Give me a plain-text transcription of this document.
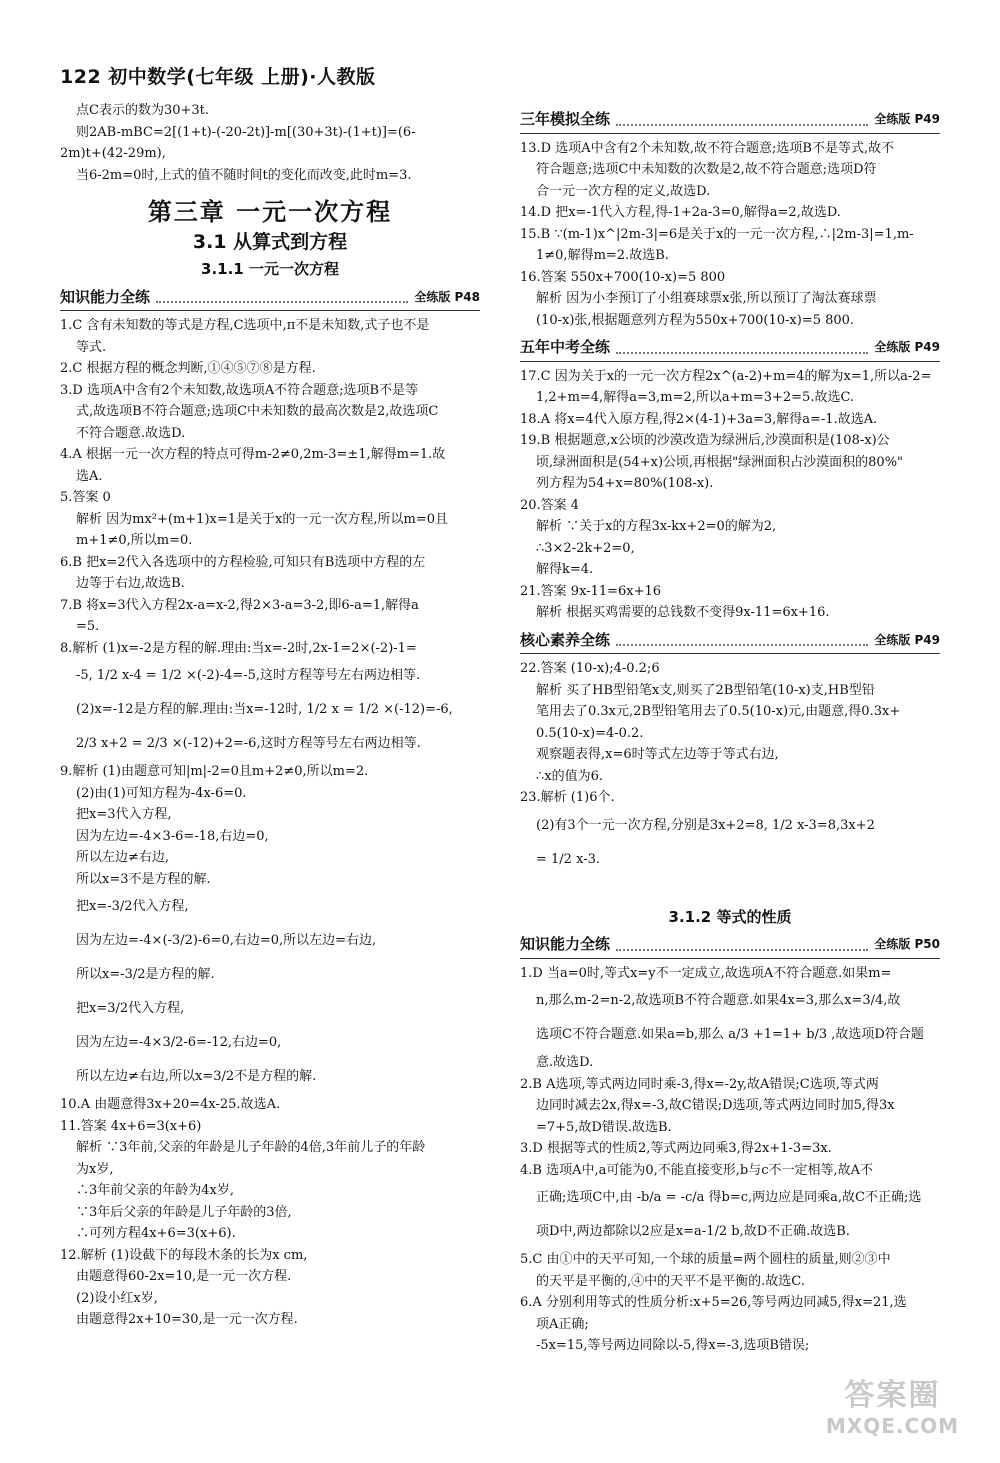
122 初中数学(七年级 上册)·人教版
点C表示的数为30+3t.
则2AB-mBC=2[(1+t)-(-20-2t)]-m[(30+3t)-(1+t)]=(6-
2m)t+(42-29m),
当6-2m=0时,上式的值不随时间t的变化而改变,此时m=3.
第三章 一元一次方程
3.1 从算式到方程
3.1.1 一元一次方程
知识能力全练	全练版 P48
1.C 含有未知数的等式是方程,C选项中,π不是未知数,式子也不是
等式.
2.C 根据方程的概念判断,①④⑤⑦⑧是方程.
3.D 选项A中含有2个未知数,故选项A不符合题意;选项B不是等
式,故选项B不符合题意;选项C中未知数的最高次数是2,故选项C
不符合题意.故选D.
4.A 根据一元一次方程的特点可得m-2≠0,2m-3=±1,解得m=1.故
选A.
5.答案 0
解析 因为mx²+(m+1)x=1是关于x的一元一次方程,所以m=0且
m+1≠0,所以m=0.
6.B 把x=2代入各选项中的方程检验,可知只有B选项中方程的左
边等于右边,故选B.
7.B 将x=3代入方程2x-a=x-2,得2×3-a=3-2,即6-a=1,解得a
=5.
8.解析 (1)x=-2是方程的解.理由:当x=-2时,2x-1=2×(-2)-1=
-5, 1/2 x-4 = 1/2 ×(-2)-4=-5,这时方程等号左右两边相等.
(2)x=-12是方程的解.理由:当x=-12时, 1/2 x = 1/2 ×(-12)=-6,
2/3 x+2 = 2/3 ×(-12)+2=-6,这时方程等号左右两边相等.
9.解析 (1)由题意可知|m|-2=0且m+2≠0,所以m=2.
(2)由(1)可知方程为-4x-6=0.
把x=3代入方程,
因为左边=-4×3-6=-18,右边=0,
所以左边≠右边,
所以x=3不是方程的解.
把x=-3/2代入方程,
因为左边=-4×(-3/2)-6=0,右边=0,所以左边=右边,
所以x=-3/2是方程的解.
把x=3/2代入方程,
因为左边=-4×3/2-6=-12,右边=0,
所以左边≠右边,所以x=3/2不是方程的解.
10.A 由题意得3x+20=4x-25.故选A.
11.答案 4x+6=3(x+6)
解析 ∵3年前,父亲的年龄是儿子年龄的4倍,3年前儿子的年龄
为x岁,
∴3年前父亲的年龄为4x岁,
∵3年后父亲的年龄是儿子年龄的3倍,
∴可列方程4x+6=3(x+6).
12.解析 (1)设截下的每段木条的长为x cm,
由题意得60-2x=10,是一元一次方程.
(2)设小红x岁,
由题意得2x+10=30,是一元一次方程.
三年模拟全练	全练版 P49
13.D 选项A中含有2个未知数,故不符合题意;选项B不是等式,故不
符合题意;选项C中未知数的次数是2,故不符合题意;选项D符
合一元一次方程的定义,故选D.
14.D 把x=-1代入方程,得-1+2a-3=0,解得a=2,故选D.
15.B ∵(m-1)x^|2m-3|=6是关于x的一元一次方程,∴|2m-3|=1,m-
1≠0,解得m=2.故选B.
16.答案 550x+700(10-x)=5 800
解析 因为小李预订了小组赛球票x张,所以预订了淘汰赛球票
(10-x)张,根据题意列方程为550x+700(10-x)=5 800.
五年中考全练	全练版 P49
17.C 因为关于x的一元一次方程2x^(a-2)+m=4的解为x=1,所以a-2=
1,2+m=4,解得a=3,m=2,所以a+m=3+2=5.故选C.
18.A 将x=4代入原方程,得2×(4-1)+3a=3,解得a=-1.故选A.
19.B 根据题意,x公顷的沙漠改造为绿洲后,沙漠面积是(108-x)公
顷,绿洲面积是(54+x)公顷,再根据"绿洲面积占沙漠面积的80%"
列方程为54+x=80%(108-x).
20.答案 4
解析 ∵关于x的方程3x-kx+2=0的解为2,
∴3×2-2k+2=0,
解得k=4.
21.答案 9x-11=6x+16
解析 根据买鸡需要的总钱数不变得9x-11=6x+16.
核心素养全练	全练版 P49
22.答案 (10-x);4-0.2;6
解析 买了HB型铅笔x支,则买了2B型铅笔(10-x)支,HB型铅
笔用去了0.3x元,2B型铅笔用去了0.5(10-x)元,由题意,得0.3x+
0.5(10-x)=4-0.2.
观察题表得,x=6时等式左边等于等式右边,
∴x的值为6.
23.解析 (1)6个.
(2)有3个一元一次方程,分别是3x+2=8, 1/2 x-3=8,3x+2
= 1/2 x-3.
3.1.2 等式的性质
知识能力全练	全练版 P50
1.D 当a=0时,等式x=y不一定成立,故选项A不符合题意.如果m=
n,那么m-2=n-2,故选项B不符合题意.如果4x=3,那么x=3/4,故
选项C不符合题意.如果a=b,那么 a/3 +1=1+ b/3 ,故选项D符合题
意.故选D.
2.B A选项,等式两边同时乘-3,得x=-2y,故A错误;C选项,等式两
边同时减去2x,得x=-3,故C错误;D选项,等式两边同时加5,得3x
=7+5,故D错误.故选B.
3.D 根据等式的性质2,等式两边同乘3,得2x+1-3=3x.
4.B 选项A中,a可能为0,不能直接变形,b与c不一定相等,故A不
正确;选项C中,由 -b/a = -c/a 得b=c,两边应是同乘a,故C不正确;选
项D中,两边都除以2应是x=a-1/2 b,故D不正确.故选B.
5.C 由①中的天平可知,一个球的质量=两个圆柱的质量,则②③中
的天平是平衡的,④中的天平不是平衡的.故选C.
6.A 分别利用等式的性质分析:x+5=26,等号两边同减5,得x=21,选
项A正确;
-5x=15,等号两边同除以-5,得x=-3,选项B错误;
答案圈
MXQE.COM
